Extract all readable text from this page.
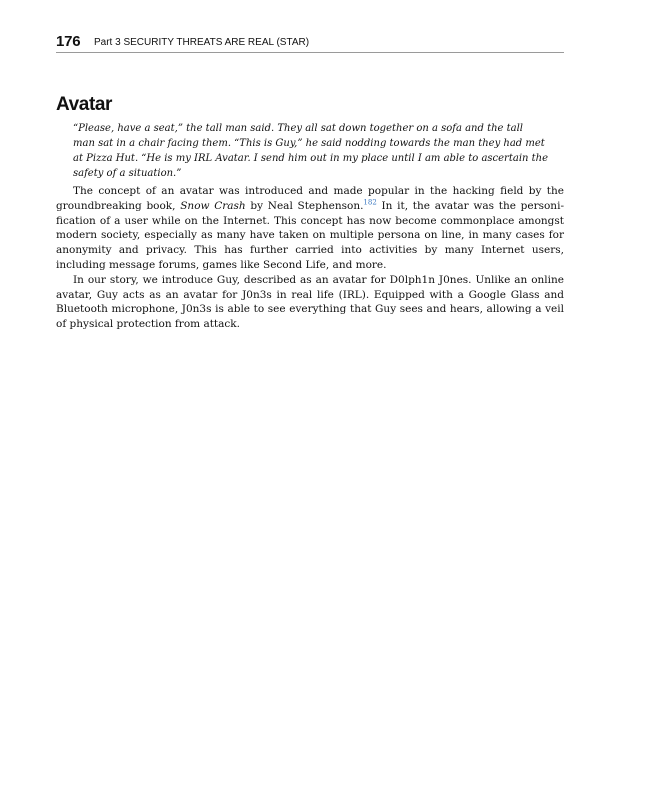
176 Part 3 SECURITY THREATS ARE REAL (STAR)
Avatar

“Please, have a seat,” the tall man said. They all sat down together on a sofa and the tall man sat in a chair facing them. “This is Guy,” he said nodding towards the man they had met at Pizza Hut. “He is my IRL Avatar. I send him out in my place until I am able to ascertain the safety of a situation.”

The concept of an avatar was introduced and made popular in the hacking field by the groundbreaking book, Snow Crash by Neal Stephenson.$^{182}$ In it, the avatar was the personification of a user while on the Internet. This concept has now become commonplace amongst modern society, especially as many have taken on multiple persona on line, in many cases for anonymity and privacy. This has further carried into activities by many Internet users, including message forums, games like Second Life, and more.

In our story, we introduce Guy, described as an avatar for D0lph1n J0nes. Unlike an online avatar, Guy acts as an avatar for J0n3s in real life (IRL). Equipped with a Google Glass and Bluetooth microphone, J0n3s is able to see everything that Guy sees and hears, allowing a veil of physical protection from attack.
